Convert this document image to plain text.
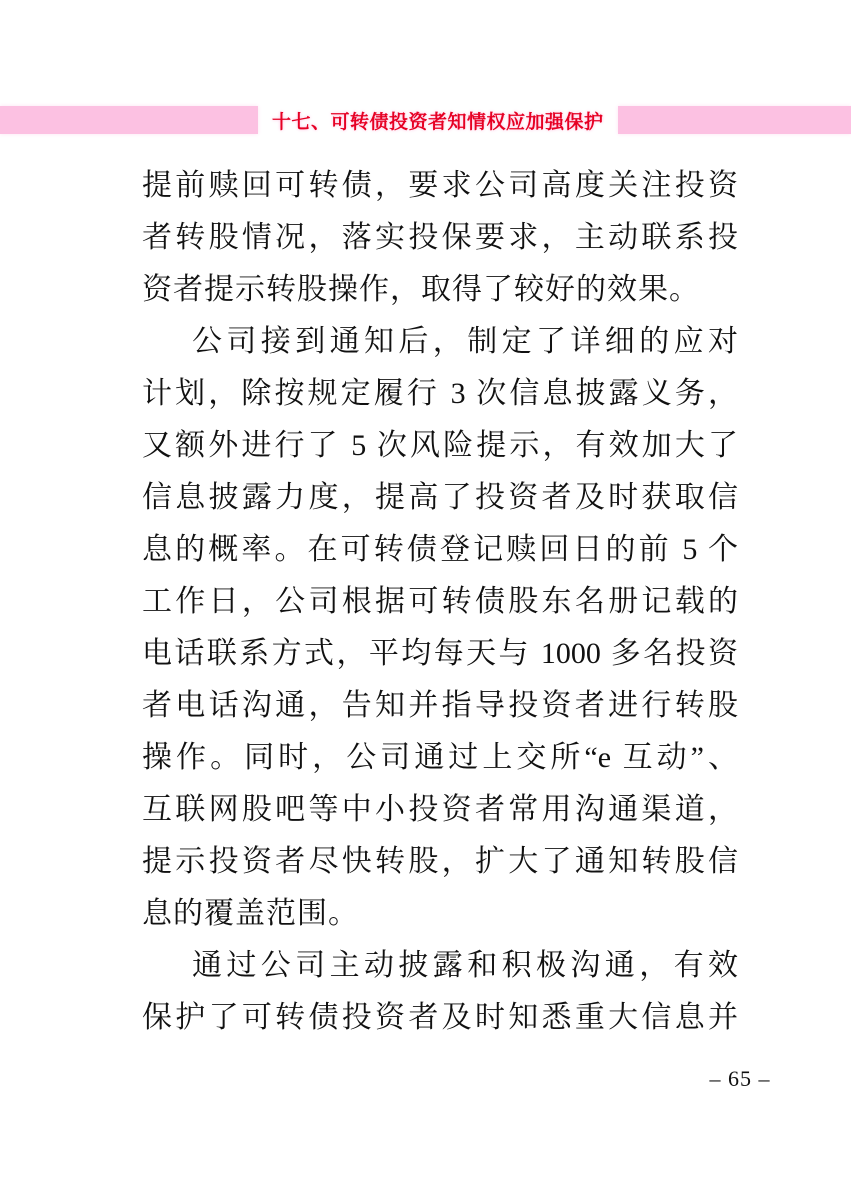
十七、可转债投资者知情权应加强保护
提前赎回可转债，要求公司高度关注投资
者转股情况，落实投保要求，主动联系投
资者提示转股操作，取得了较好的效果。
公司接到通知后，制定了详细的应对
计划，除按规定履行 3 次信息披露义务，
又额外进行了 5 次风险提示，有效加大了
信息披露力度，提高了投资者及时获取信
息的概率。在可转债登记赎回日的前 5 个
工作日，公司根据可转债股东名册记载的
电话联系方式，平均每天与 1000 多名投资
者电话沟通，告知并指导投资者进行转股
操作。同时，公司通过上交所“e 互动”、
互联网股吧等中小投资者常用沟通渠道，
提示投资者尽快转股，扩大了通知转股信
息的覆盖范围。
通过公司主动披露和积极沟通，有效
保护了可转债投资者及时知悉重大信息并
– 65 –
